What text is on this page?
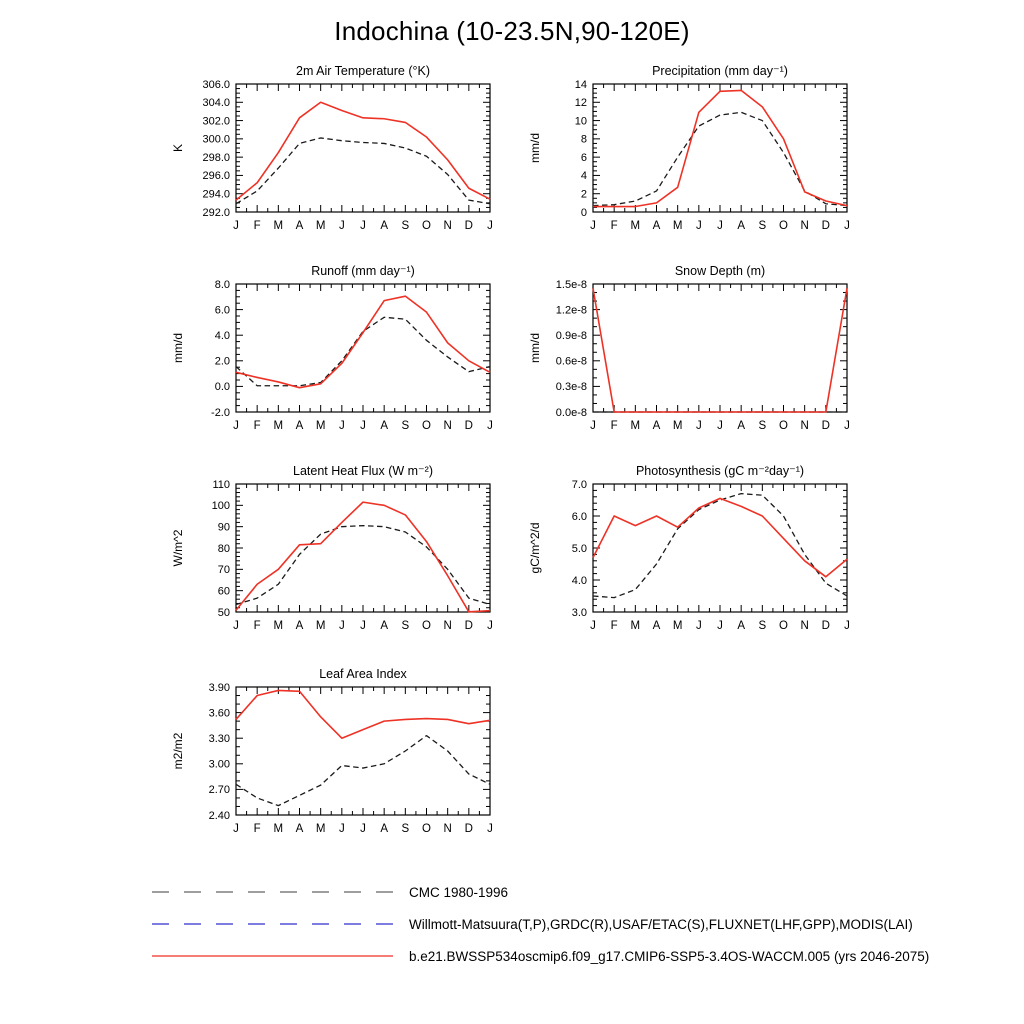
Indochina (10-23.5N,90-120E)
292.0
294.0
296.0
298.0
300.0
302.0
304.0
306.0
J F M A M J J A S O N D J
2m Air Temperature (°K)
K
0
2
4
6
8
10
12
14
J F M A M J J A S O N D J
Precipitation (mm day⁻¹)
mm/d
-2.0
0.0
2.0
4.0
6.0
8.0
J F M A M J J A S O N D J
Runoff (mm day⁻¹)
mm/d
0.0e-8
0.3e-8
0.6e-8
0.9e-8
1.2e-8
1.5e-8
J F M A M J J A S O N D J
Snow Depth (m)
mm/d
50
60
70
80
90
100
110
J F M A M J J A S O N D J
Latent Heat Flux (W m⁻²)
W/m^2
3.0
4.0
5.0
6.0
7.0
J F M A M J J A S O N D J
Photosynthesis (gC m⁻²day⁻¹)
gC/m^2/d
2.40
2.70
3.00
3.30
3.60
3.90
J F M A M J J A S O N D J
Leaf Area Index
m2/m2
CMC 1980-1996
Willmott-Matsuura(T,P),GRDC(R),USAF/ETAC(S),FLUXNET(LHF,GPP),MODIS(LAI)
b.e21.BWSSP534oscmip6.f09_g17.CMIP6-SSP5-3.4OS-WACCM.005 (yrs 2046-2075)
